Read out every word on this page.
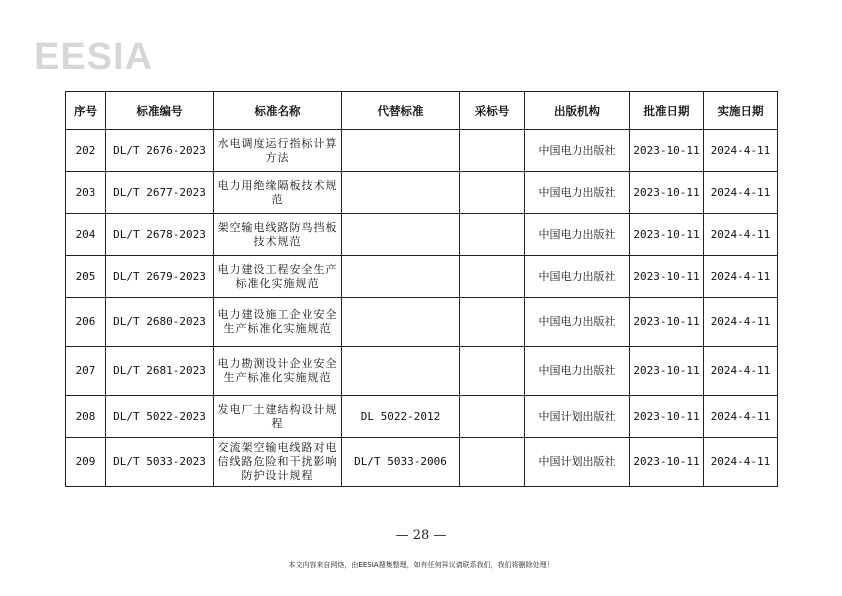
EESIA
序号	标准编号	标准名称	代替标准	采标号	出版机构	批准日期	实施日期
202	DL/T 2676-2023	水电调度运行指标计算方法			中国电力出版社	2023-10-11	2024-4-11
203	DL/T 2677-2023	电力用绝缘隔板技术规范			中国电力出版社	2023-10-11	2024-4-11
204	DL/T 2678-2023	架空输电线路防鸟挡板技术规范			中国电力出版社	2023-10-11	2024-4-11
205	DL/T 2679-2023	电力建设工程安全生产标准化实施规范			中国电力出版社	2023-10-11	2024-4-11
206	DL/T 2680-2023	电力建设施工企业安全生产标准化实施规范			中国电力出版社	2023-10-11	2024-4-11
207	DL/T 2681-2023	电力勘测设计企业安全生产标准化实施规范			中国电力出版社	2023-10-11	2024-4-11
208	DL/T 5022-2023	发电厂土建结构设计规程	DL 5022-2012		中国计划出版社	2023-10-11	2024-4-11
209	DL/T 5033-2023	交流架空输电线路对电信线路危险和干扰影响防护设计规程	DL/T 5033-2006		中国计划出版社	2023-10-11	2024-4-11
— 28 —
本文内容来自网络，由EESIA搜集整理，如有任何异议请联系我们，我们将删除处理！
